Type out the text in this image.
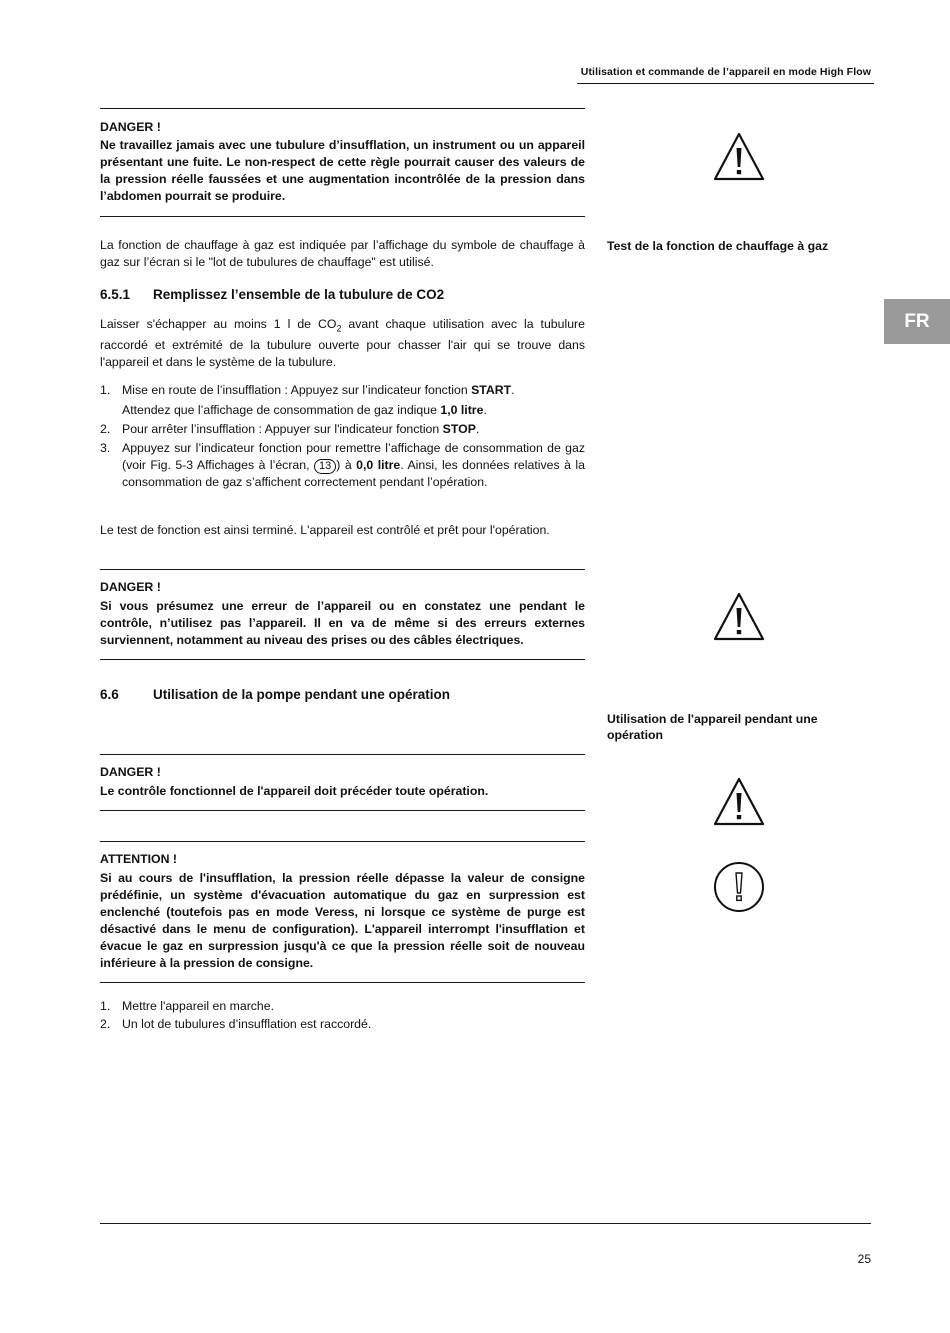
Utilisation et commande de l’appareil en mode High Flow
DANGER !
Ne travaillez jamais avec une tubulure d’insufflation, un instrument ou un appareil présentant une fuite. Le non-respect de cette règle pourrait causer des valeurs de la pression réelle faussées et une augmentation incontrôlée de la pression dans l’abdomen pourrait se produire.
La fonction de chauffage à gaz est indiquée par l’affichage du symbole de chauffage à gaz sur l’écran si le "lot de tubulures de chauffage" est utilisé.
Test de la fonction de chauffage à gaz
6.5.1 Remplissez l’ensemble de la tubulure de CO2
Laisser s'échapper au moins 1 l de $CO_2$ avant chaque utilisation avec la tubulure raccordé et extrémité de la tubulure ouverte pour chasser l'air qui se trouve dans l'appareil et dans le système de la tubulure.
1. Mise en route de l’insufflation : Appuyez sur l’indicateur fonction START.
Attendez que l’affichage de consommation de gaz indique 1,0 litre.
2. Pour arrêter l’insufflation : Appuyer sur l'indicateur fonction STOP.
3. Appuyez sur l’indicateur fonction pour remettre l’affichage de consommation de gaz (voir Fig. 5-3 Affichages à l’écran, 13 ) à 0,0 litre. Ainsi, les données relatives à la consommation de gaz s’affichent correctement pendant l’opération.
Le test de fonction est ainsi terminé. L'appareil est contrôlé et prêt pour l'opération.
DANGER !
Si vous présumez une erreur de l’appareil ou en constatez une pendant le contrôle, n’utilisez pas l’appareil. Il en va de même si des erreurs externes surviennent, notamment au niveau des prises ou des câbles électriques.
6.6	Utilisation de la pompe pendant une opération
Utilisation de l'appareil pendant une opération
DANGER !
Le contrôle fonctionnel de l'appareil doit précéder toute opération.
ATTENTION !
Si au cours de l'insufflation, la pression réelle dépasse la valeur de consigne prédéfinie, un système d'évacuation automatique du gaz en surpression est enclenché (toutefois pas en mode Veress, ni lorsque ce système de purge est désactivé dans le menu de configuration). L'appareil interrompt l'insufflation et évacue le gaz en surpression jusqu'à ce que la pression réelle soit de nouveau inférieure à la pression de consigne.
1. Mettre l'appareil en marche.
2. Un lot de tubulures d’insufflation est raccordé.
FR
25
